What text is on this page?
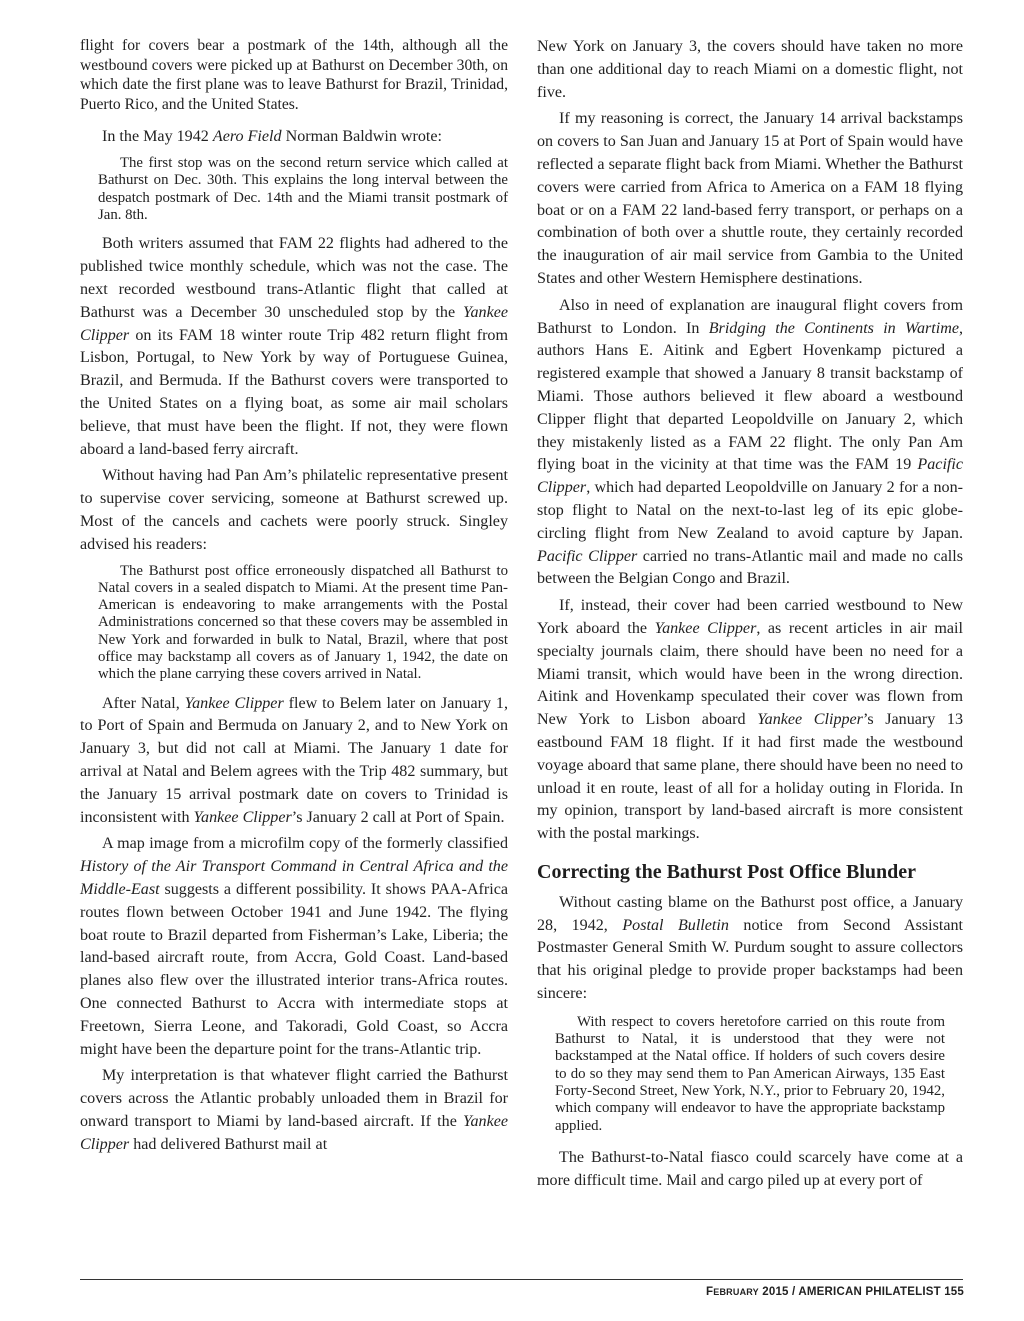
flight for covers bear a postmark of the 14th, although all the westbound covers were picked up at Bathurst on December 30th, on which date the first plane was to leave Bathurst for Brazil, Trinidad, Puerto Rico, and the United States.

In the May 1942 Aero Field Norman Baldwin wrote:

The first stop was on the second return service which called at Bathurst on Dec. 30th. This explains the long interval between the despatch postmark of Dec. 14th and the Miami transit postmark of Jan. 8th.

Both writers assumed that FAM 22 flights had adhered to the published twice monthly schedule, which was not the case. The next recorded westbound trans-Atlantic flight that called at Bathurst was a December 30 unscheduled stop by the Yankee Clipper on its FAM 18 winter route Trip 482 return flight from Lisbon, Portugal, to New York by way of Portuguese Guinea, Brazil, and Bermuda. If the Bathurst covers were transported to the United States on a flying boat, as some air mail scholars believe, that must have been the flight. If not, they were flown aboard a land-based ferry aircraft.

Without having had Pan Am’s philatelic representative present to supervise cover servicing, someone at Bathurst screwed up. Most of the cancels and cachets were poorly struck. Singley advised his readers:

The Bathurst post office erroneously dispatched all Bathurst to Natal covers in a sealed dispatch to Miami. At the present time Pan-American is endeavoring to make arrangements with the Postal Administrations concerned so that these covers may be assembled in New York and forwarded in bulk to Natal, Brazil, where that post office may backstamp all covers as of January 1, 1942, the date on which the plane carrying these covers arrived in Natal.

After Natal, Yankee Clipper flew to Belem later on January 1, to Port of Spain and Bermuda on January 2, and to New York on January 3, but did not call at Miami. The January 1 date for arrival at Natal and Belem agrees with the Trip 482 summary, but the January 15 arrival postmark date on covers to Trinidad is inconsistent with Yankee Clipper’s January 2 call at Port of Spain.

A map image from a microfilm copy of the formerly classified History of the Air Transport Command in Central Africa and the Middle-East suggests a different possibility. It shows PAA-Africa routes flown between October 1941 and June 1942. The flying boat route to Brazil departed from Fisherman’s Lake, Liberia; the land-based aircraft route, from Accra, Gold Coast. Land-based planes also flew over the illustrated interior trans-Africa routes. One connected Bathurst to Accra with intermediate stops at Freetown, Sierra Leone, and Takoradi, Gold Coast, so Accra might have been the departure point for the trans-Atlantic trip.

My interpretation is that whatever flight carried the Bathurst covers across the Atlantic probably unloaded them in Brazil for onward transport to Miami by land-based aircraft. If the Yankee Clipper had delivered Bathurst mail at

New York on January 3, the covers should have taken no more than one additional day to reach Miami on a domestic flight, not five.

If my reasoning is correct, the January 14 arrival backstamps on covers to San Juan and January 15 at Port of Spain would have reflected a separate flight back from Miami. Whether the Bathurst covers were carried from Africa to America on a FAM 18 flying boat or on a FAM 22 land-based ferry transport, or perhaps on a combination of both over a shuttle route, they certainly recorded the inauguration of air mail service from Gambia to the United States and other Western Hemisphere destinations.

Also in need of explanation are inaugural flight covers from Bathurst to London. In Bridging the Continents in Wartime, authors Hans E. Aitink and Egbert Hovenkamp pictured a registered example that showed a January 8 transit backstamp of Miami. Those authors believed it flew aboard a westbound Clipper flight that departed Leopoldville on January 2, which they mistakenly listed as a FAM 22 flight. The only Pan Am flying boat in the vicinity at that time was the FAM 19 Pacific Clipper, which had departed Leopoldville on January 2 for a non-stop flight to Natal on the next-to-last leg of its epic globe-circling flight from New Zealand to avoid capture by Japan. Pacific Clipper carried no trans-Atlantic mail and made no calls between the Belgian Congo and Brazil.

If, instead, their cover had been carried westbound to New York aboard the Yankee Clipper, as recent articles in air mail specialty journals claim, there should have been no need for a Miami transit, which would have been in the wrong direction. Aitink and Hovenkamp speculated their cover was flown from New York to Lisbon aboard Yankee Clipper’s January 13 eastbound FAM 18 flight. If it had first made the westbound voyage aboard that same plane, there should have been no need to unload it en route, least of all for a holiday outing in Florida. In my opinion, transport by land-based aircraft is more consistent with the postal markings.

Correcting the Bathurst Post Office Blunder

Without casting blame on the Bathurst post office, a January 28, 1942, Postal Bulletin notice from Second Assistant Postmaster General Smith W. Purdum sought to assure collectors that his original pledge to provide proper backstamps had been sincere:

With respect to covers heretofore carried on this route from Bathurst to Natal, it is understood that they were not backstamped at the Natal office. If holders of such covers desire to do so they may send them to Pan American Airways, 135 East Forty-Second Street, New York, N.Y., prior to February 20, 1942, which company will endeavor to have the appropriate backstamp applied.

The Bathurst-to-Natal fiasco could scarcely have come at a more difficult time. Mail and cargo piled up at every port of

FEBRUARY 2015 / AMERICAN PHILATELIST 155
